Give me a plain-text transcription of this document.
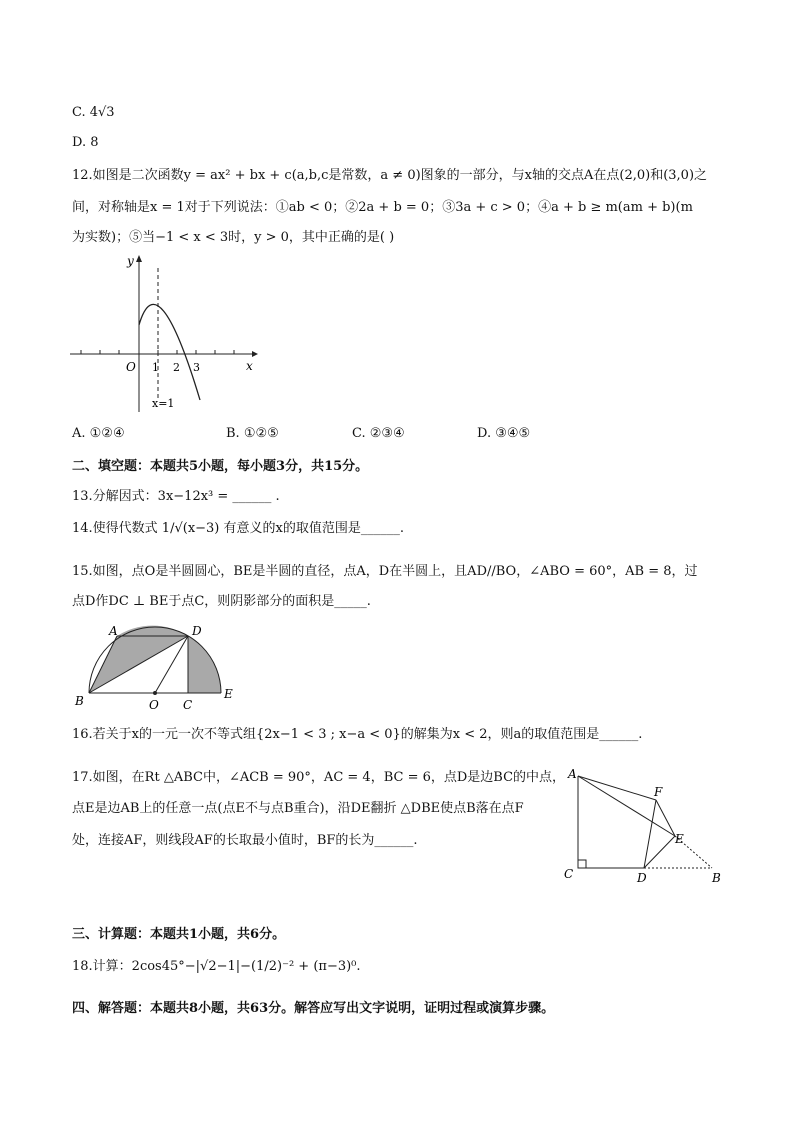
C. 4√3
D. 8
12.如图是二次函数y = ax² + bx + c(a,b,c是常数，a ≠ 0)图象的一部分，与x轴的交点A在点(2,0)和(3,0)之
间，对称轴是x = 1对于下列说法：①ab < 0；②2a + b = 0；③3a + c > 0；④a + b ≥ m(am + b)(m
为实数)；⑤当−1 < x < 3时，y > 0，其中正确的是( )
y
x
O 1 2 3
x=1
A. ①②④	B. ①②⑤	C. ②③④	D. ③④⑤
二、填空题：本题共5小题，每小题3分，共15分。
13.分解因式：3x−12x³ = ______ .
14.使得代数式 1/√(x−3) 有意义的x的取值范围是______.
15.如图，点O是半圆圆心，BE是半圆的直径，点A，D在半圆上，且AD//BO，∠ABO = 60°，AB = 8，过
点D作DC ⊥ BE于点C，则阴影部分的面积是_____.
A	D
B	O C
E
16.若关于x的一元一次不等式组{2x−1 < 3 ; x−a < 0}的解集为x < 2，则a的取值范围是______.
17.如图，在Rt △ABC中，∠ACB = 90°，AC = 4，BC = 6，点D是边BC的中点，
点E是边AB上的任意一点(点E不与点B重合)，沿DE翻折 △DBE使点B落在点F
处，连接AF，则线段AF的长取最小值时，BF的长为______.
A
F
E
C	D	B
三、计算题：本题共1小题，共6分。
18.计算：2cos45°−|√2−1|−(1/2)⁻² + (π−3)⁰.
四、解答题：本题共8小题，共63分。解答应写出文字说明，证明过程或演算步骤。
